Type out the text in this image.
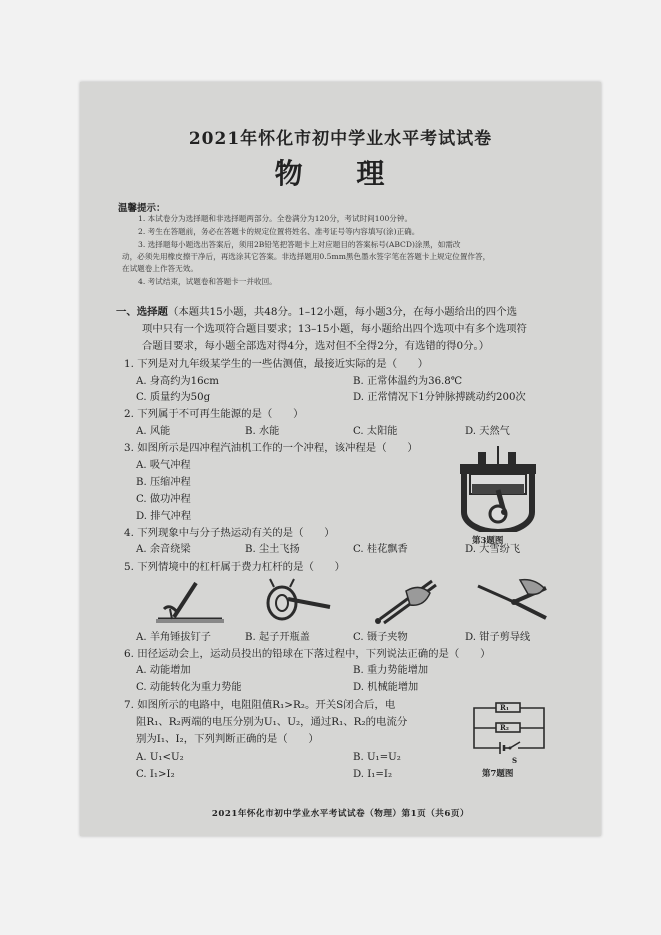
2021年怀化市初中学业水平考试试卷
物 理
温馨提示：
1. 本试卷分为选择题和非选择题两部分。全卷满分为120分，考试时间100分钟。
2. 考生在答题前，务必在答题卡的规定位置将姓名、准考证号等内容填写(涂)正确。
3. 选择题每小题选出答案后，须用2B铅笔把答题卡上对应题目的答案标号(ABCD)涂黑，如需改
动，必须先用橡皮擦干净后，再选涂其它答案。非选择题用0.5mm黑色墨水签字笔在答题卡上规定位置作答，
在试题卷上作答无效。
4. 考试结束，试题卷和答题卡一并收回。
一、选择题（本题共15小题，共48分。1–12小题，每小题3分，在每小题给出的四个选
项中只有一个选项符合题目要求；13–15小题，每小题给出四个选项中有多个选项符
合题目要求，每小题全部选对得4分，选对但不全得2分，有选错的得0分。）
1. 下列是对九年级某学生的一些估测值，最接近实际的是（　　）
A. 身高约为16cm	B. 正常体温约为36.8℃
C. 质量约为50g	D. 正常情况下1分钟脉搏跳动约200次
2. 下列属于不可再生能源的是（　　）
A. 风能	B. 水能	C. 太阳能	D. 天然气
3. 如图所示是四冲程汽油机工作的一个冲程，该冲程是（　　）
A. 吸气冲程
B. 压缩冲程
C. 做功冲程
D. 排气冲程
第3题图
4. 下列现象中与分子热运动有关的是（　　）
A. 余音绕梁	B. 尘土飞扬	C. 桂花飘香	D. 大雪纷飞
5. 下列情境中的杠杆属于费力杠杆的是（　　）
A. 羊角锤拔钉子	B. 起子开瓶盖	C. 镊子夹物	D. 钳子剪导线
6. 田径运动会上，运动员投出的铅球在下落过程中，下列说法正确的是（　　）
A. 动能增加	B. 重力势能增加
C. 动能转化为重力势能	D. 机械能增加
7. 如图所示的电路中，电阻阻值R₁>R₂。开关S闭合后，电
阻R₁、R₂两端的电压分别为U₁、U₂，通过R₁、R₂的电流分
别为I₁、I₂，下列判断正确的是（　　）
A. U₁<U₂	B. U₁=U₂
C. I₁>I₂	D. I₁=I₂
R₁
R₂
S
第7题图
2021年怀化市初中学业水平考试试卷（物理）第1页（共6页）
